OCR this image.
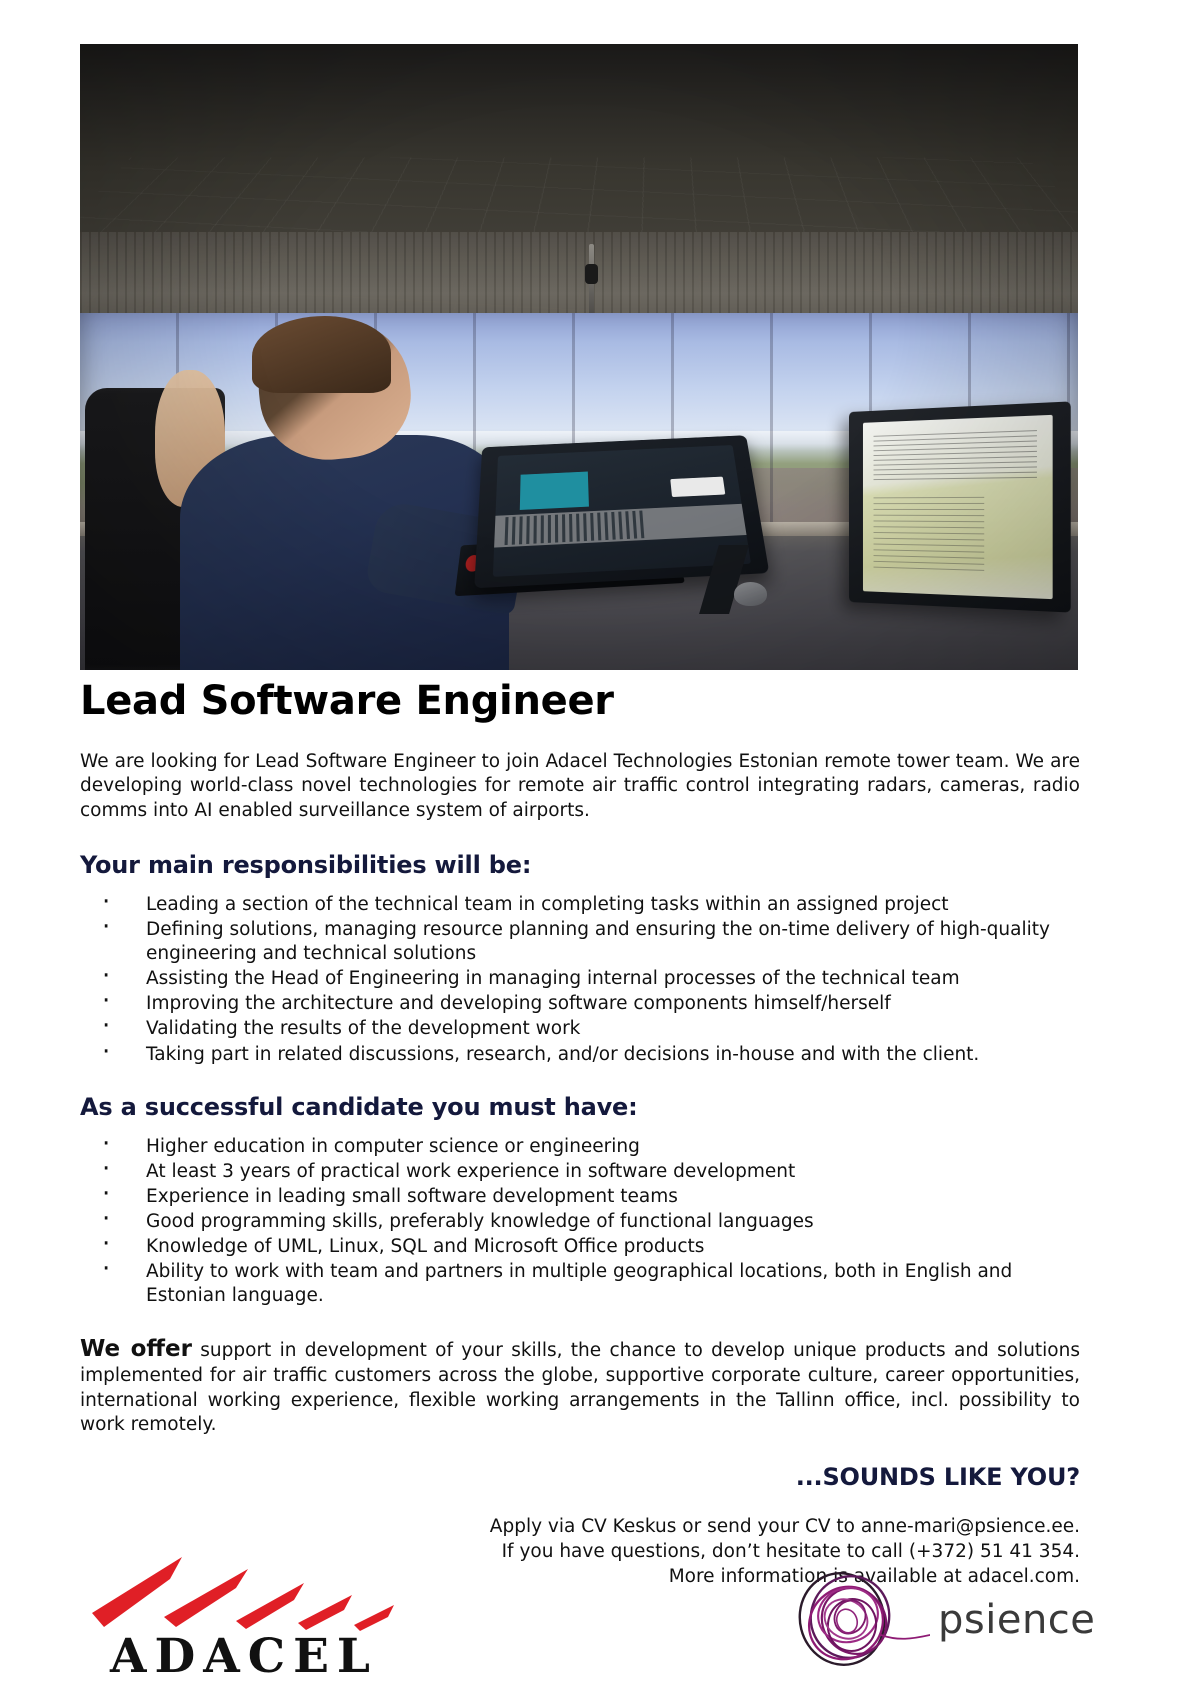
Lead Software Engineer

We are looking for Lead Software Engineer to join Adacel Technologies Estonian remote tower team. We are developing world-class novel technologies for remote air traffic control integrating radars, cameras, radio comms into AI enabled surveillance system of airports.

Your main responsibilities will be:
· Leading a section of the technical team in completing tasks within an assigned project
· Defining solutions, managing resource planning and ensuring the on-time delivery of high-quality engineering and technical solutions
· Assisting the Head of Engineering in managing internal processes of the technical team
· Improving the architecture and developing software components himself/herself
· Validating the results of the development work
· Taking part in related discussions, research, and/or decisions in-house and with the client.
As a successful candidate you must have:
· Higher education in computer science or engineering
· At least 3 years of practical work experience in software development
· Experience in leading small software development teams
· Good programming skills, preferably knowledge of functional languages
· Knowledge of UML, Linux, SQL and Microsoft Office products
· Ability to work with team and partners in multiple geographical locations, both in English and Estonian language.

We offer support in development of your skills, the chance to develop unique products and solutions implemented for air traffic customers across the globe, supportive corporate culture, career opportunities, international working experience, flexible working arrangements in the Tallinn office, incl. possibility to work remotely.

...SOUNDS LIKE YOU?
Apply via CV Keskus or send your CV to anne-mari@psience.ee.
If you have questions, don’t hesitate to call (+372) 51 41 354.
More information is available at adacel.com.
ADACEL
psience
